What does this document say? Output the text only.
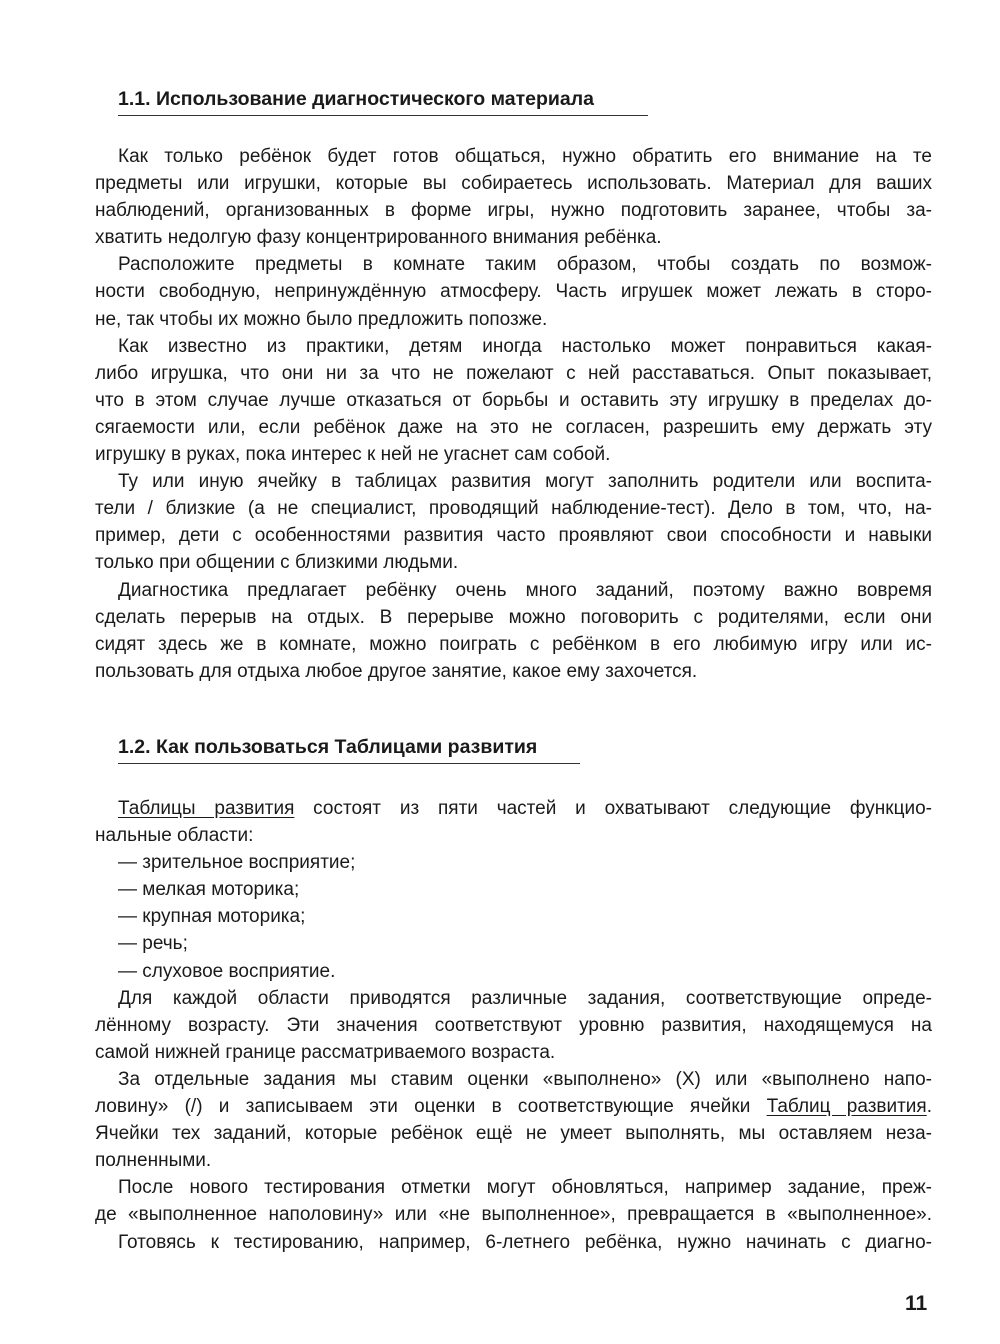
1.1. Использование диагностического материала
Как только ребёнок будет готов общаться, нужно обратить его внимание на те
предметы или игрушки, которые вы собираетесь использовать. Материал для ваших
наблюдений, организованных в форме игры, нужно подготовить заранее, чтобы за-
хватить недолгую фазу концентрированного внимания ребёнка.
Расположите предметы в комнате таким образом, чтобы создать по возмож-
ности свободную, непринуждённую атмосферу. Часть игрушек может лежать в сторо-
не, так чтобы их можно было предложить попозже.
Как известно из практики, детям иногда настолько может понравиться какая-
либо игрушка, что они ни за что не пожелают с ней расставаться. Опыт показывает,
что в этом случае лучше отказаться от борьбы и оставить эту игрушку в пределах до-
сягаемости или, если ребёнок даже на это не согласен, разрешить ему держать эту
игрушку в руках, пока интерес к ней не угаснет сам собой.
Ту или иную ячейку в таблицах развития могут заполнить родители или воспита-
тели / близкие (а не специалист, проводящий наблюдение-тест). Дело в том, что, на-
пример, дети с особенностями развития часто проявляют свои способности и навыки
только при общении с близкими людьми.
Диагностика предлагает ребёнку очень много заданий, поэтому важно вовремя
сделать перерыв на отдых. В перерыве можно поговорить с родителями, если они
сидят здесь же в комнате, можно поиграть с ребёнком в его любимую игру или ис-
пользовать для отдыха любое другое занятие, какое ему захочется.
1.2. Как пользоваться Таблицами развития
Таблицы развития состоят из пяти частей и охватывают следующие функцио-
нальные области:
— зрительное восприятие;
— мелкая моторика;
— крупная моторика;
— речь;
— слуховое восприятие.
Для каждой области приводятся различные задания, соответствующие опреде-
лённому возрасту. Эти значения соответствуют уровню развития, находящемуся на
самой нижней границе рассматриваемого возраста.
За отдельные задания мы ставим оценки «выполнено» (X) или «выполнено напо-
ловину» (/) и записываем эти оценки в соответствующие ячейки Таблиц развития.
Ячейки тех заданий, которые ребёнок ещё не умеет выполнять, мы оставляем неза-
полненными.
После нового тестирования отметки могут обновляться, например задание, преж-
де «выполненное наполовину» или «не выполненное», превращается в «выполненное».
Готовясь к тестированию, например, 6-летнего ребёнка, нужно начинать с диагно-
11
